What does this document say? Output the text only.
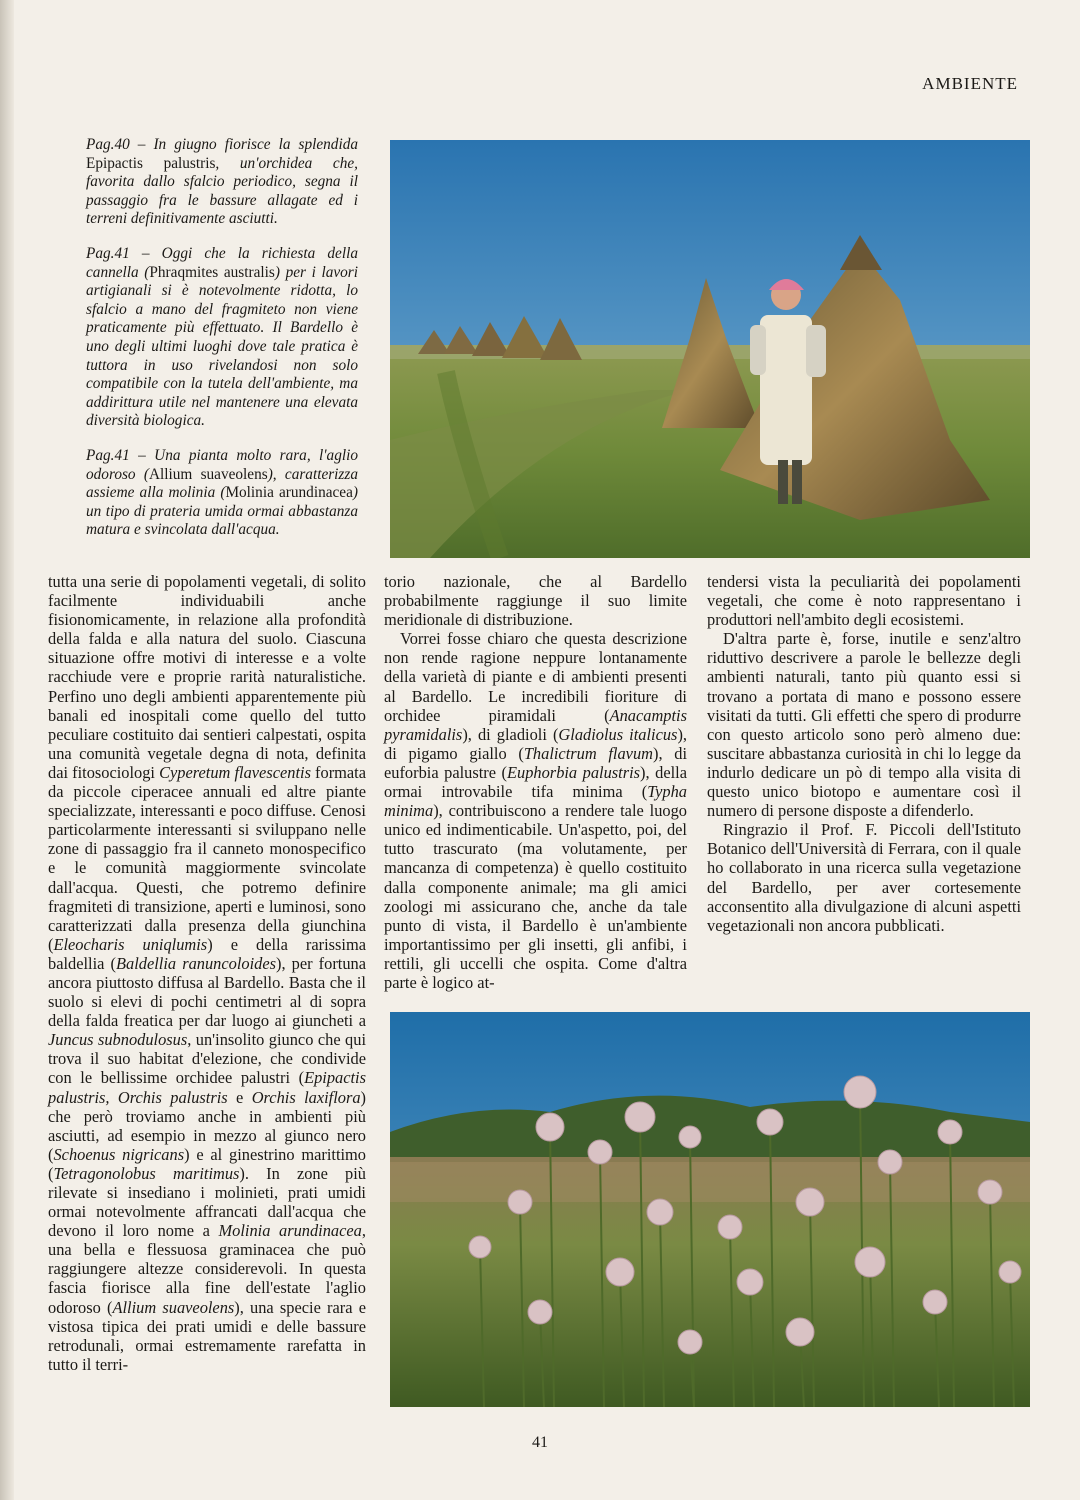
AMBIENTE

Pag.40 – In giugno fiorisce la splendida Epipactis palustris, un'orchidea che, favorita dallo sfalcio periodico, segna il passaggio fra le bassure allagate ed i terreni definitivamente asciutti.

Pag.41 – Oggi che la richiesta della cannella (Phraqmites australis) per i lavori artigianali si è notevolmente ridotta, lo sfalcio a mano del fragmiteto non viene praticamente più effettuato. Il Bardello è uno degli ultimi luoghi dove tale pratica è tuttora in uso rivelandosi non solo compatibile con la tutela dell'ambiente, ma addirittura utile nel mantenere una elevata diversità biologica.

Pag.41 – Una pianta molto rara, l'aglio odoroso (Allium suaveolens), caratterizza assieme alla molinia (Molinia arundinacea) un tipo di prateria umida ormai abbastanza matura e svincolata dall'acqua.

tutta una serie di popolamenti vegetali, di solito facilmente individuabili anche fisionomicamente, in relazione alla profondità della falda e alla natura del suolo. Ciascuna situazione offre motivi di interesse e a volte racchiude vere e proprie rarità naturalistiche. Perfino uno degli ambienti apparentemente più banali ed inospitali come quello del tutto peculiare costituito dai sentieri calpestati, ospita una comunità vegetale degna di nota, definita dai fitosociologi Cyperetum flavescentis formata da piccole ciperacee annuali ed altre piante specializzate, interessanti e poco diffuse. Cenosi particolarmente interessanti si sviluppano nelle zone di passaggio fra il canneto monospecifico e le comunità maggiormente svincolate dall'acqua. Questi, che potremo definire fragmiteti di transizione, aperti e luminosi, sono caratterizzati dalla presenza della giunchina (Eleocharis uniqlumis) e della rarissima baldellia (Baldellia ranuncoloides), per fortuna ancora piuttosto diffusa al Bardello. Basta che il suolo si elevi di pochi centimetri al di sopra della falda freatica per dar luogo ai giuncheti a Juncus subnodulosus, un'insolito giunco che qui trova il suo habitat d'elezione, che condivide con le bellissime orchidee palustri (Epipactis palustris, Orchis palustris e Orchis laxiflora) che però troviamo anche in ambienti più asciutti, ad esempio in mezzo al giunco nero (Schoenus nigricans) e al ginestrino marittimo (Tetragonolobus maritimus). In zone più rilevate si insediano i molinieti, prati umidi ormai notevolmente affrancati dall'acqua che devono il loro nome a Molinia arundinacea, una bella e flessuosa graminacea che può raggiungere altezze considerevoli. In questa fascia fiorisce alla fine dell'estate l'aglio odoroso (Allium suaveolens), una specie rara e vistosa tipica dei prati umidi e delle bassure retrodunali, ormai estremamente rarefatta in tutto il terri-

torio nazionale, che al Bardello probabilmente raggiunge il suo limite meridionale di distribuzione.

Vorrei fosse chiaro che questa descrizione non rende ragione neppure lontanamente della varietà di piante e di ambienti presenti al Bardello. Le incredibili fioriture di orchidee piramidali (Anacamptis pyramidalis), di gladioli (Gladiolus italicus), di pigamo giallo (Thalictrum flavum), di euforbia palustre (Euphorbia palustris), della ormai introvabile tifa minima (Typha minima), contribuiscono a rendere tale luogo unico ed indimenticabile. Un'aspetto, poi, del tutto trascurato (ma volutamente, per mancanza di competenza) è quello costituito dalla componente animale; ma gli amici zoologi mi assicurano che, anche da tale punto di vista, il Bardello è un'ambiente importantissimo per gli insetti, gli anfibi, i rettili, gli uccelli che ospita. Come d'altra parte è logico at-

tendersi vista la peculiarità dei popolamenti vegetali, che come è noto rappresentano i produttori nell'ambito degli ecosistemi.

D'altra parte è, forse, inutile e senz'altro riduttivo descrivere a parole le bellezze degli ambienti naturali, tanto più quanto essi si trovano a portata di mano e possono essere visitati da tutti. Gli effetti che spero di produrre con questo articolo sono però almeno due: suscitare abbastanza curiosità in chi lo legge da indurlo dedicare un pò di tempo alla visita di questo unico biotopo e aumentare così il numero di persone disposte a difenderlo.

Ringrazio il Prof. F. Piccoli dell'Istituto Botanico dell'Università di Ferrara, con il quale ho collaborato in una ricerca sulla vegetazione del Bardello, per aver cortesemente acconsentito alla divulgazione di alcuni aspetti vegetazionali non ancora pubblicati.

41
